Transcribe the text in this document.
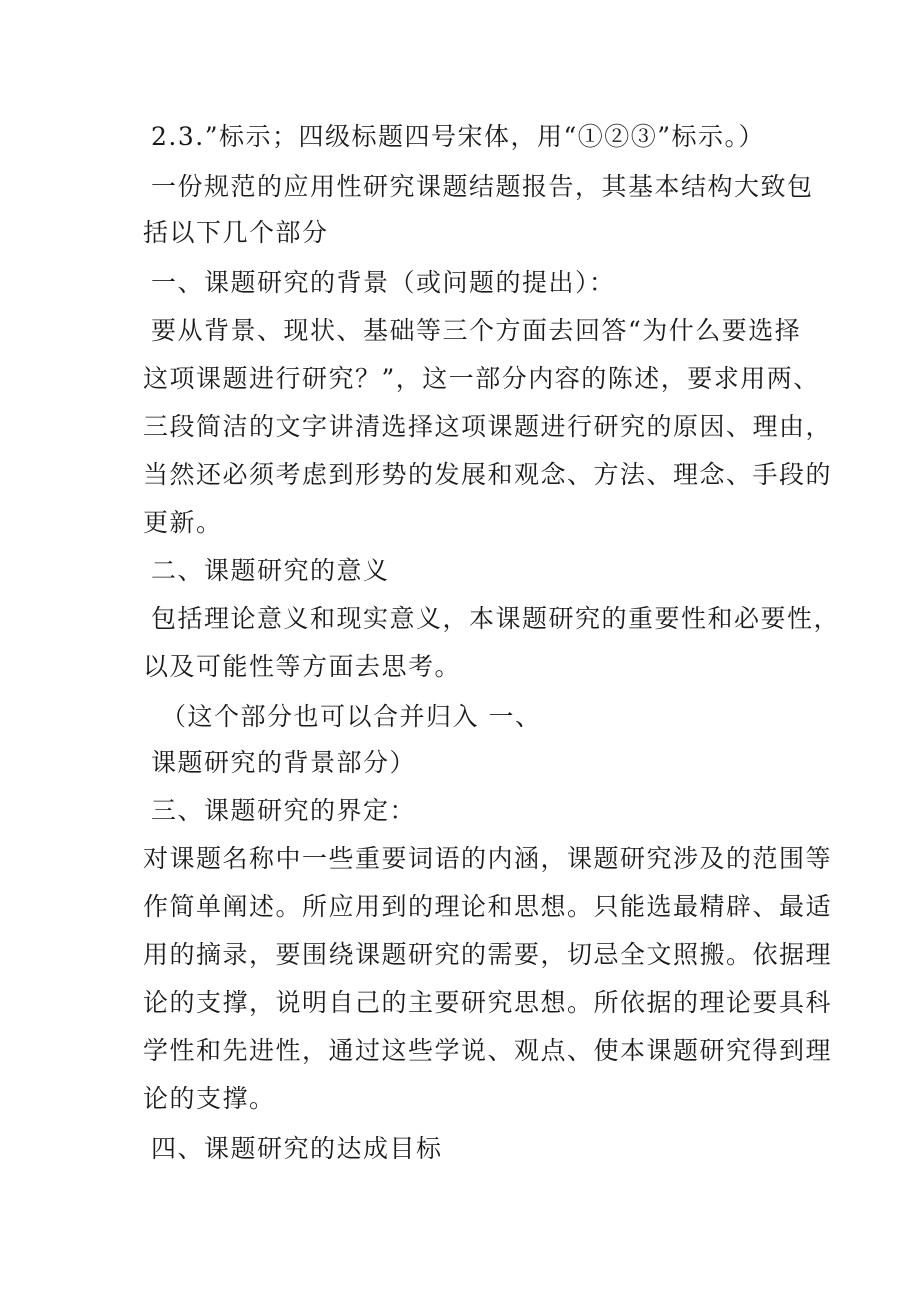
2.3.”标示；四级标题四号宋体，用“①②③”标示。）
一份规范的应用性研究课题结题报告，其基本结构大致包
括以下几个部分
一、课题研究的背景（或问题的提出）：
要从背景、现状、基础等三个方面去回答“为什么要选择
这项课题进行研究？”，这一部分内容的陈述，要求用两、
三段简洁的文字讲清选择这项课题进行研究的原因、理由，
当然还必须考虑到形势的发展和观念、方法、理念、手段的
更新。
二、课题研究的意义
包括理论意义和现实意义，本课题研究的重要性和必要性，
以及可能性等方面去思考。
（这个部分也可以合并归入 一、
课题研究的背景部分）
三、课题研究的界定：
对课题名称中一些重要词语的内涵，课题研究涉及的范围等
作简单阐述。所应用到的理论和思想。只能选最精辟、最适
用的摘录，要围绕课题研究的需要，切忌全文照搬。依据理
论的支撑，说明自己的主要研究思想。所依据的理论要具科
学性和先进性，通过这些学说、观点、使本课题研究得到理
论的支撑。
四、课题研究的达成目标
